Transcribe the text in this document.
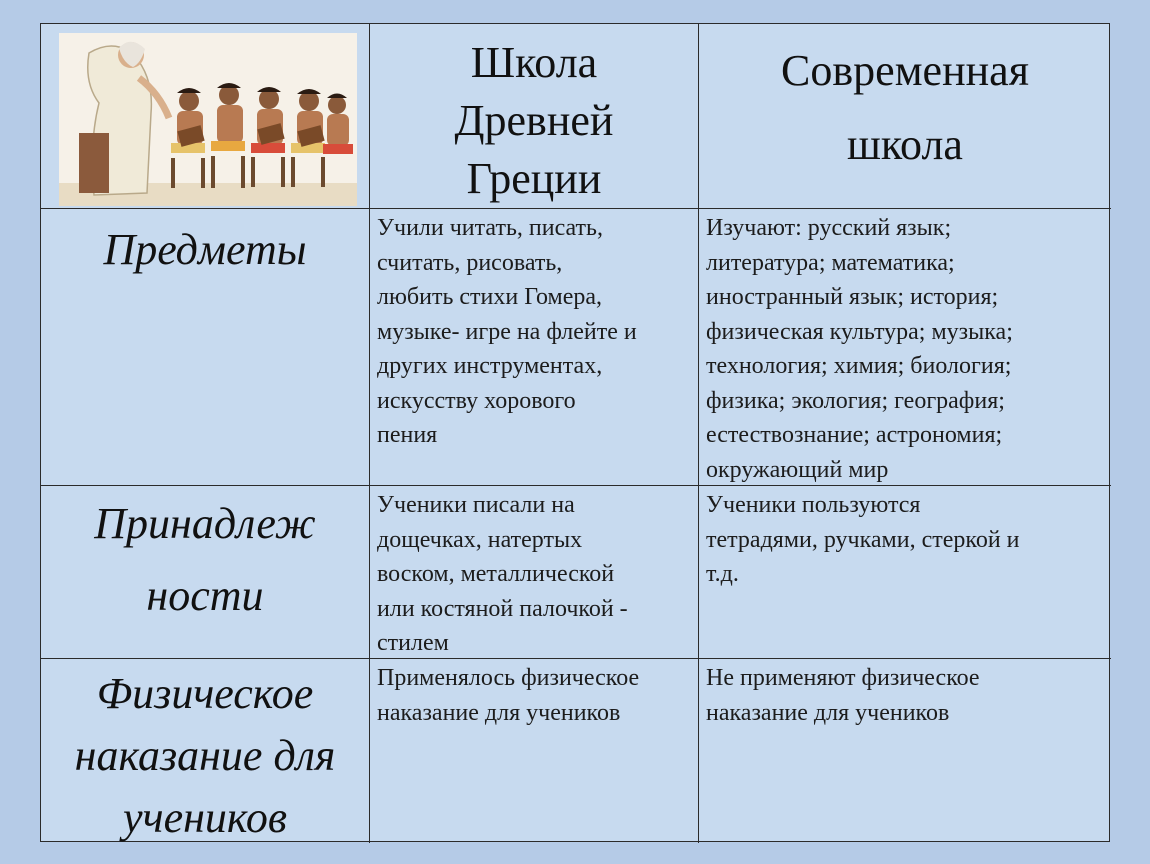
Школа
Древней
Греции
Современная
школа
Предметы	Учили читать, писать,
считать, рисовать,
любить стихи Гомера,
музыке- игре на флейте и
других инструментах,
искусству хорового
пения
Изучают: русский язык;
литература; математика;
иностранный язык; история;
физическая культура; музыка;
технология; химия; биология;
физика; экология; география;
естествознание; астрономия;
окружающий мир
Принадлеж
ности
Ученики писали на
дощечках, натертых
воском, металлической
или костяной палочкой -
стилем
Ученики пользуются
тетрадями, ручками, стеркой и
т.д.
Физическое
наказание для
учеников
Применялось физическое
наказание для учеников
Не применяют физическое
наказание для учеников
